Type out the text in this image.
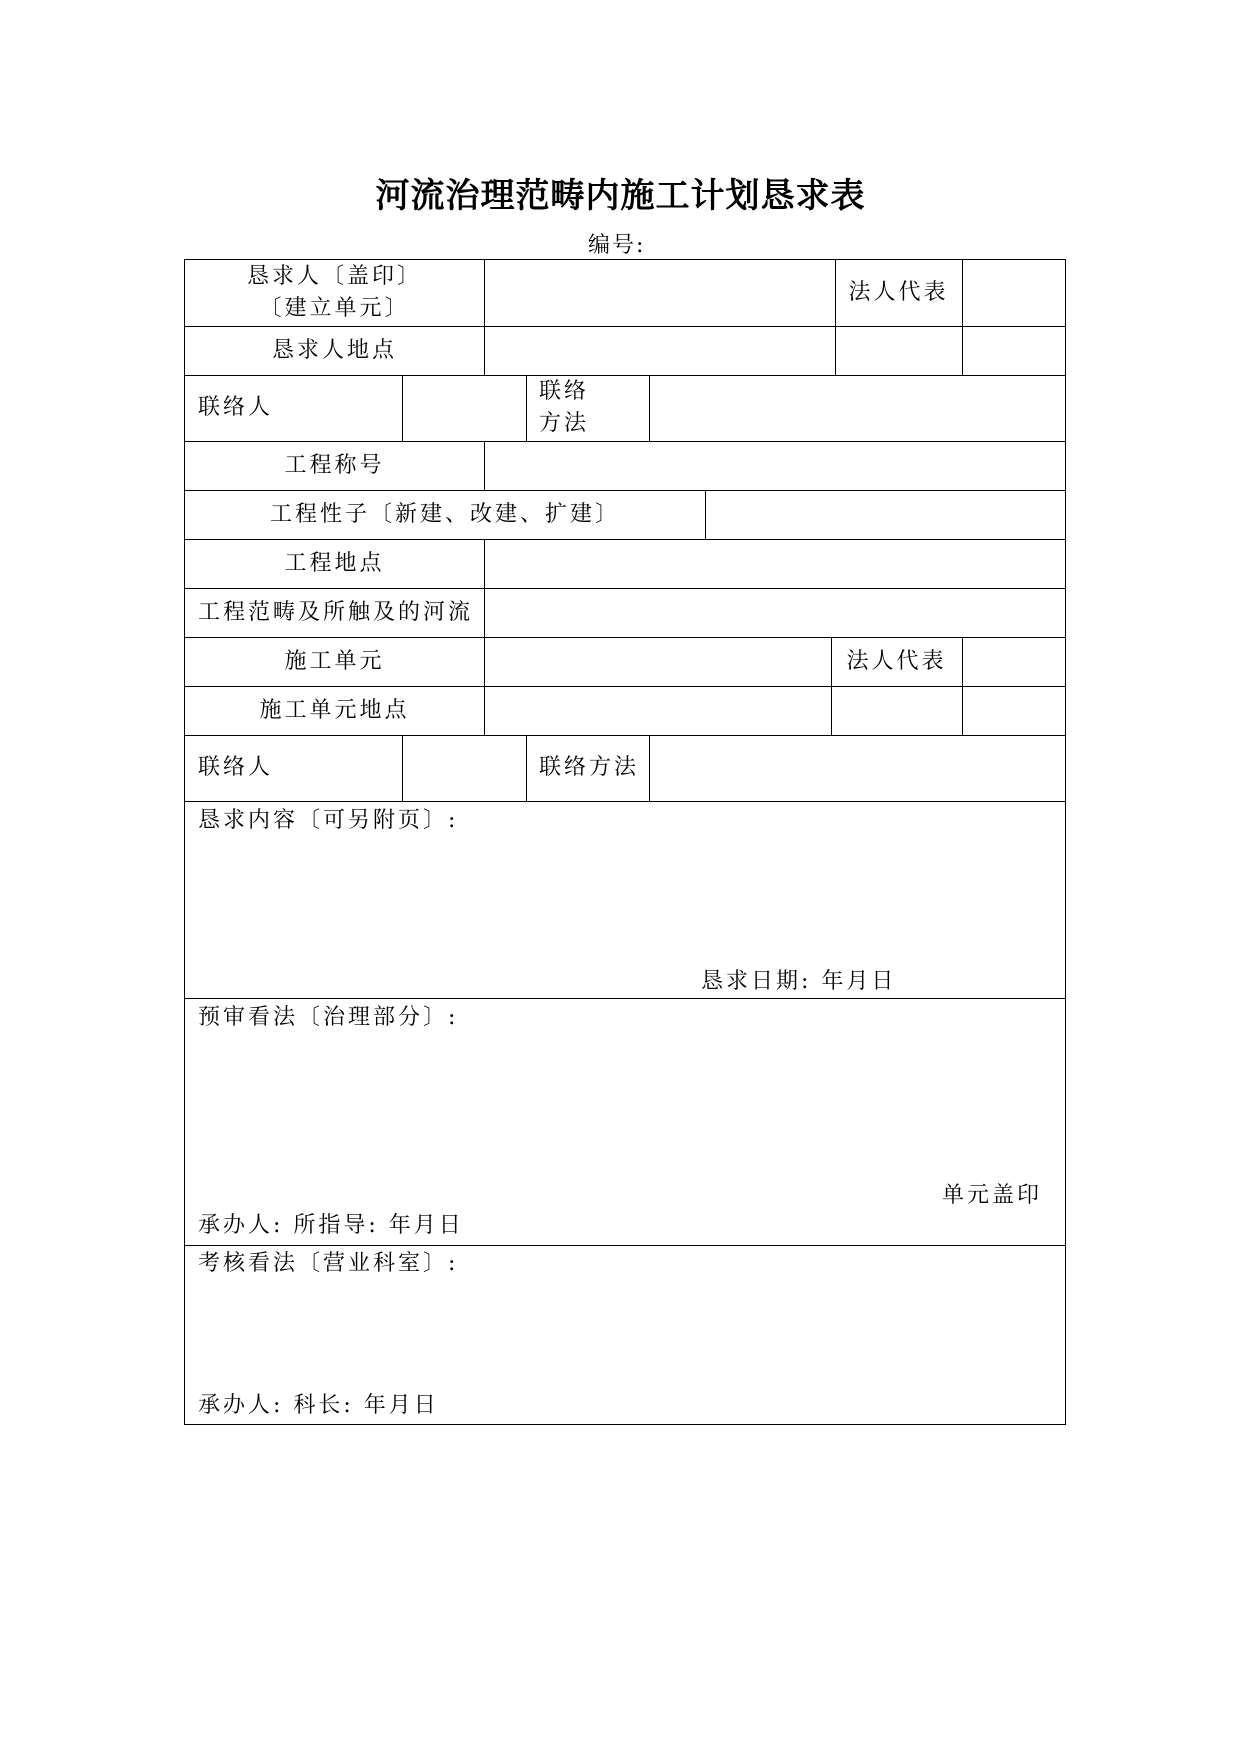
河流治理范畴内施工计划恳求表
编号:
恳求人〔盖印〕
〔建立单元〕
法人代表
恳求人地点
联络人
联络
方法
工程称号
工程性子〔新建、改建、扩建〕
工程地点
工程范畴及所触及的河流
施工单元	法人代表
施工单元地点
联络人	联络方法
恳求内容〔可另附页〕:
恳求日期: 年月日
预审看法〔治理部分〕:
单元盖印
承办人: 所指导: 年月日
考核看法〔营业科室〕:
承办人: 科长: 年月日
